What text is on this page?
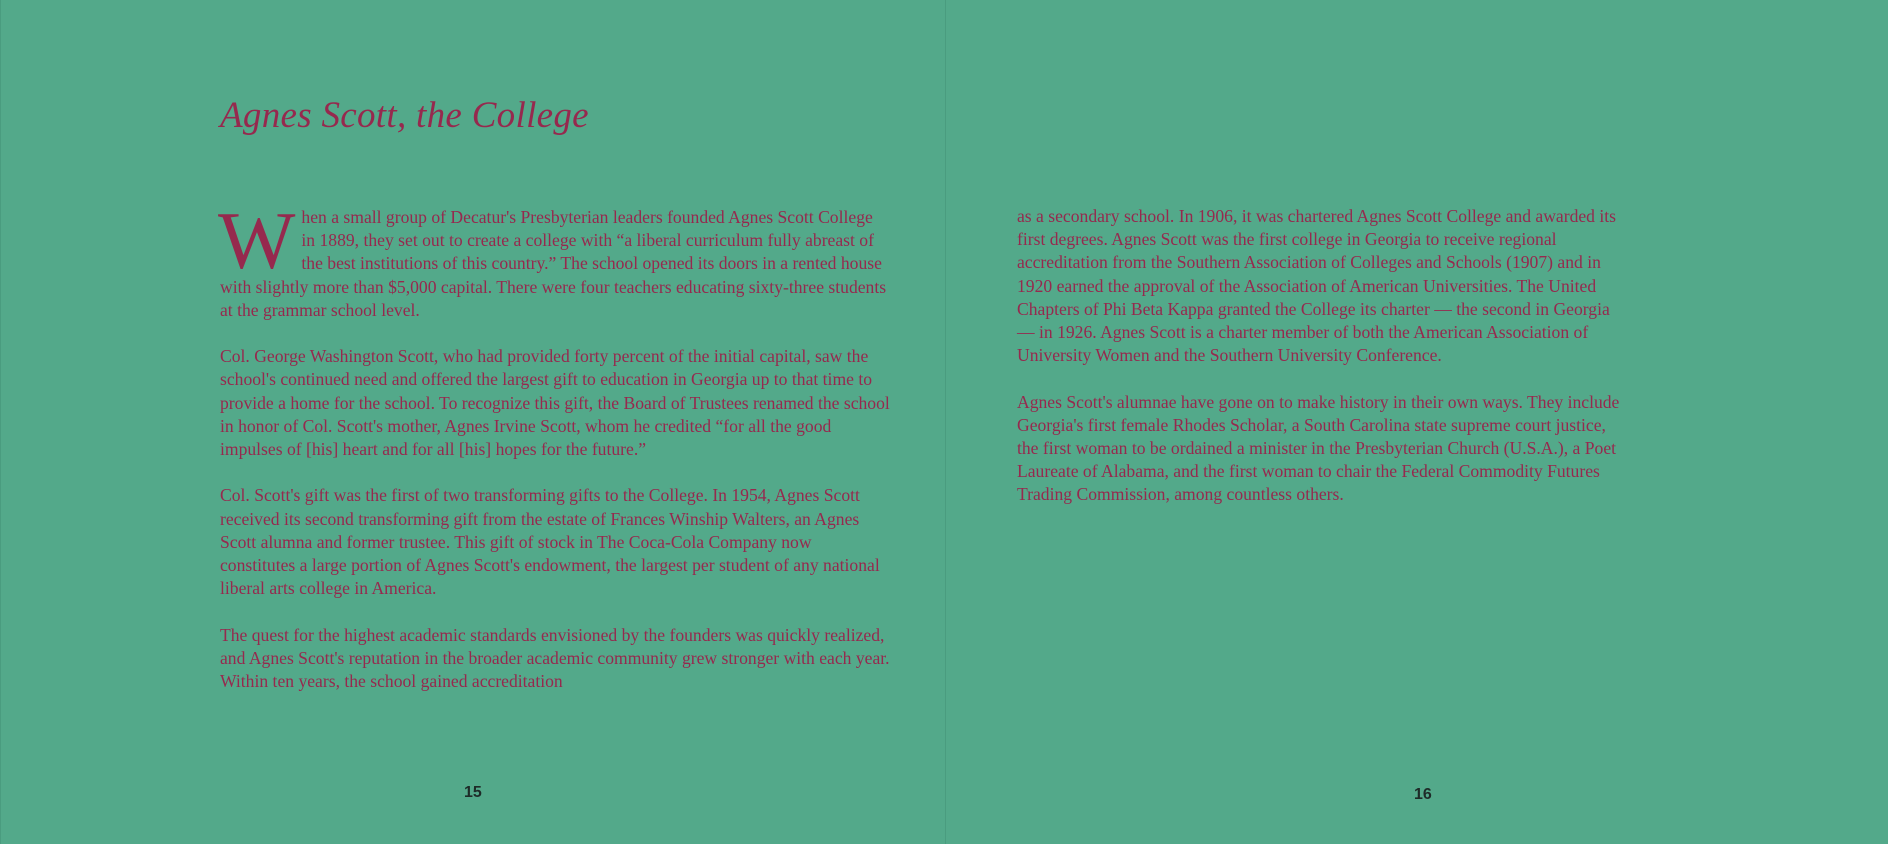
Agnes Scott, the College

When a small group of Decatur's Presbyterian leaders founded Agnes Scott College in 1889, they set out to create a college with “a liberal curriculum fully abreast of the best institutions of this country.” The school opened its doors in a rented house with slightly more than $5,000 capital. There were four teachers educating sixty-three students at the grammar school level.

Col. George Washington Scott, who had provided forty percent of the initial capital, saw the school's continued need and offered the largest gift to education in Georgia up to that time to provide a home for the school. To recognize this gift, the Board of Trustees renamed the school in honor of Col. Scott's mother, Agnes Irvine Scott, whom he credited “for all the good impulses of [his] heart and for all [his] hopes for the future.”

Col. Scott's gift was the first of two transforming gifts to the College. In 1954, Agnes Scott received its second transforming gift from the estate of Frances Winship Walters, an Agnes Scott alumna and former trustee. This gift of stock in The Coca-Cola Company now constitutes a large portion of Agnes Scott's endowment, the largest per student of any national liberal arts college in America.

The quest for the highest academic standards envisioned by the founders was quickly realized, and Agnes Scott's reputation in the broader academic community grew stronger with each year. Within ten years, the school gained accreditation

15

as a secondary school. In 1906, it was chartered Agnes Scott College and awarded its first degrees. Agnes Scott was the first college in Georgia to receive regional accreditation from the Southern Association of Colleges and Schools (1907) and in 1920 earned the approval of the Association of American Universities. The United Chapters of Phi Beta Kappa granted the College its charter — the second in Georgia — in 1926. Agnes Scott is a charter member of both the American Association of University Women and the Southern University Conference.

Agnes Scott's alumnae have gone on to make history in their own ways. They include Georgia's first female Rhodes Scholar, a South Carolina state supreme court justice, the first woman to be ordained a minister in the Presbyterian Church (U.S.A.), a Poet Laureate of Alabama, and the first woman to chair the Federal Commodity Futures Trading Commission, among countless others.

16
